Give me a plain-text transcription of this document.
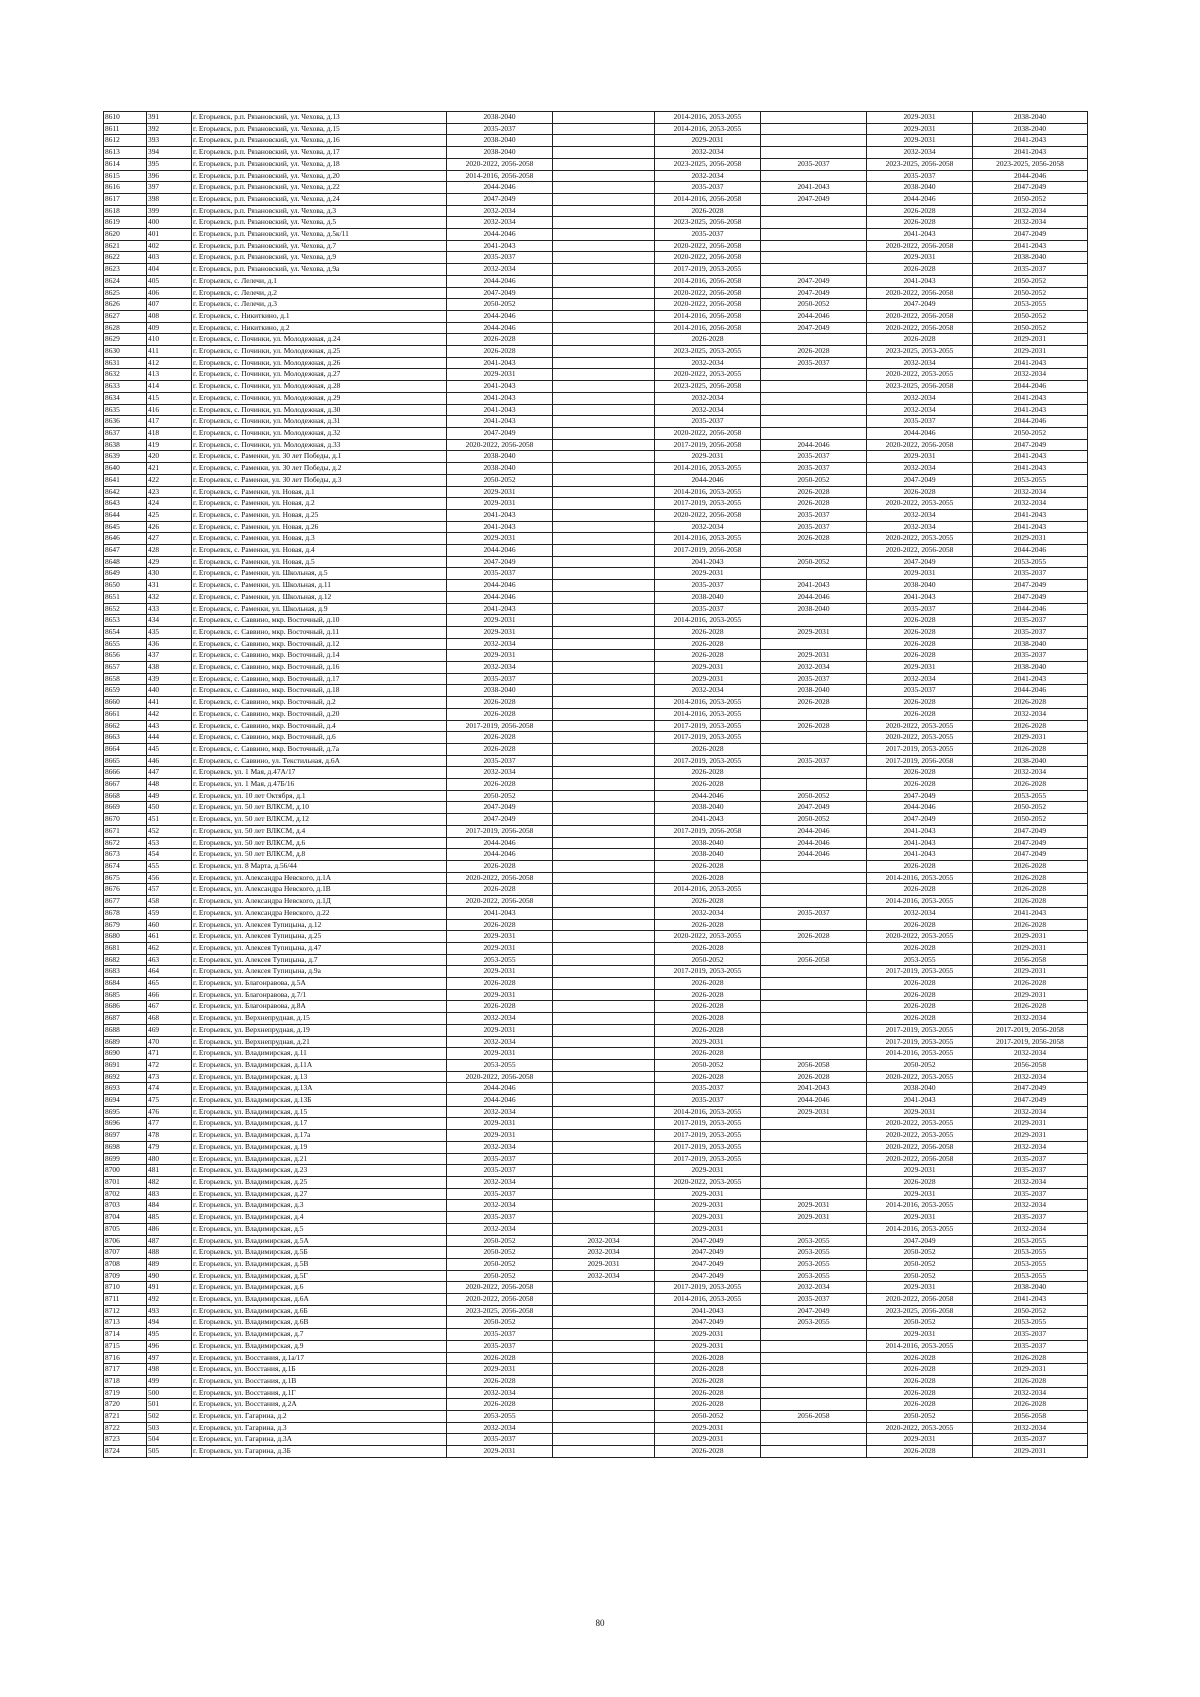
8610	391	г. Егорьевск, р.п. Рязановский, ул. Чехова, д.13	2038-2040		2014-2016, 2053-2055		2029-2031	2038-2040
8611	392	г. Егорьевск, р.п. Рязановский, ул. Чехова, д.15	2035-2037		2014-2016, 2053-2055		2029-2031	2038-2040
8612	393	г. Егорьевск, р.п. Рязановский, ул. Чехова, д.16	2038-2040		2029-2031		2029-2031	2041-2043
8613	394	г. Егорьевск, р.п. Рязановский, ул. Чехова, д.17	2038-2040		2032-2034		2032-2034	2041-2043
8614	395	г. Егорьевск, р.п. Рязановский, ул. Чехова, д.18	2020-2022, 2056-2058		2023-2025, 2056-2058	2035-2037	2023-2025, 2056-2058	2023-2025, 2056-2058
8615	396	г. Егорьевск, р.п. Рязановский, ул. Чехова, д.20	2014-2016, 2056-2058		2032-2034		2035-2037	2044-2046
8616	397	г. Егорьевск, р.п. Рязановский, ул. Чехова, д.22	2044-2046		2035-2037	2041-2043	2038-2040	2047-2049
8617	398	г. Егорьевск, р.п. Рязановский, ул. Чехова, д.24	2047-2049		2014-2016, 2056-2058	2047-2049	2044-2046	2050-2052
8618	399	г. Егорьевск, р.п. Рязановский, ул. Чехова, д.3	2032-2034		2026-2028		2026-2028	2032-2034
8619	400	г. Егорьевск, р.п. Рязановский, ул. Чехова, д.5	2032-2034		2023-2025, 2056-2058		2026-2028	2032-2034
8620	401	г. Егорьевск, р.п. Рязановский, ул. Чехова, д.5к/11	2044-2046		2035-2037		2041-2043	2047-2049
8621	402	г. Егорьевск, р.п. Рязановский, ул. Чехова, д.7	2041-2043		2020-2022, 2056-2058		2020-2022, 2056-2058	2041-2043
8622	403	г. Егорьевск, р.п. Рязановский, ул. Чехова, д.9	2035-2037		2020-2022, 2056-2058		2029-2031	2038-2040
8623	404	г. Егорьевск, р.п. Рязановский, ул. Чехова, д.9а	2032-2034		2017-2019, 2053-2055		2026-2028	2035-2037
8624	405	г. Егорьевск, с. Лелечи, д.1	2044-2046		2014-2016, 2056-2058	2047-2049	2041-2043	2050-2052
8625	406	г. Егорьевск, с. Лелечи, д.2	2047-2049		2020-2022, 2056-2058	2047-2049	2020-2022, 2056-2058	2050-2052
8626	407	г. Егорьевск, с. Лелечи, д.3	2050-2052		2020-2022, 2056-2058	2050-2052	2047-2049	2053-2055
8627	408	г. Егорьевск, с. Никиткино, д.1	2044-2046		2014-2016, 2056-2058	2044-2046	2020-2022, 2056-2058	2050-2052
8628	409	г. Егорьевск, с. Никиткино, д.2	2044-2046		2014-2016, 2056-2058	2047-2049	2020-2022, 2056-2058	2050-2052
8629	410	г. Егорьевск, с. Починки, ул. Молодежная, д.24	2026-2028		2026-2028		2026-2028	2029-2031
8630	411	г. Егорьевск, с. Починки, ул. Молодежная, д.25	2026-2028		2023-2025, 2053-2055	2026-2028	2023-2025, 2053-2055	2029-2031
8631	412	г. Егорьевск, с. Починки, ул. Молодежная, д.26	2041-2043		2032-2034	2035-2037	2032-2034	2041-2043
8632	413	г. Егорьевск, с. Починки, ул. Молодежная, д.27	2029-2031		2020-2022, 2053-2055		2020-2022, 2053-2055	2032-2034
8633	414	г. Егорьевск, с. Починки, ул. Молодежная, д.28	2041-2043		2023-2025, 2056-2058		2023-2025, 2056-2058	2044-2046
8634	415	г. Егорьевск, с. Починки, ул. Молодежная, д.29	2041-2043		2032-2034		2032-2034	2041-2043
8635	416	г. Егорьевск, с. Починки, ул. Молодежная, д.30	2041-2043		2032-2034		2032-2034	2041-2043
8636	417	г. Егорьевск, с. Починки, ул. Молодежная, д.31	2041-2043		2035-2037		2035-2037	2044-2046
8637	418	г. Егорьевск, с. Починки, ул. Молодежная, д.32	2047-2049		2020-2022, 2056-2058		2044-2046	2050-2052
8638	419	г. Егорьевск, с. Починки, ул. Молодежная, д.33	2020-2022, 2056-2058		2017-2019, 2056-2058	2044-2046	2020-2022, 2056-2058	2047-2049
8639	420	г. Егорьевск, с. Раменки, ул. 30 лет Победы, д.1	2038-2040		2029-2031	2035-2037	2029-2031	2041-2043
8640	421	г. Егорьевск, с. Раменки, ул. 30 лет Победы, д.2	2038-2040		2014-2016, 2053-2055	2035-2037	2032-2034	2041-2043
8641	422	г. Егорьевск, с. Раменки, ул. 30 лет Победы, д.3	2050-2052		2044-2046	2050-2052	2047-2049	2053-2055
8642	423	г. Егорьевск, с. Раменки, ул. Новая, д.1	2029-2031		2014-2016, 2053-2055	2026-2028	2026-2028	2032-2034
8643	424	г. Егорьевск, с. Раменки, ул. Новая, д.2	2029-2031		2017-2019, 2053-2055	2026-2028	2020-2022, 2053-2055	2032-2034
8644	425	г. Егорьевск, с. Раменки, ул. Новая, д.25	2041-2043		2020-2022, 2056-2058	2035-2037	2032-2034	2041-2043
8645	426	г. Егорьевск, с. Раменки, ул. Новая, д.26	2041-2043		2032-2034	2035-2037	2032-2034	2041-2043
8646	427	г. Егорьевск, с. Раменки, ул. Новая, д.3	2029-2031		2014-2016, 2053-2055	2026-2028	2020-2022, 2053-2055	2029-2031
8647	428	г. Егорьевск, с. Раменки, ул. Новая, д.4	2044-2046		2017-2019, 2056-2058		2020-2022, 2056-2058	2044-2046
8648	429	г. Егорьевск, с. Раменки, ул. Новая, д.5	2047-2049		2041-2043	2050-2052	2047-2049	2053-2055
8649	430	г. Егорьевск, с. Раменки, ул. Школьная, д.5	2035-2037		2029-2031		2029-2031	2035-2037
8650	431	г. Егорьевск, с. Раменки, ул. Школьная, д.11	2044-2046		2035-2037	2041-2043	2038-2040	2047-2049
8651	432	г. Егорьевск, с. Раменки, ул. Школьная, д.12	2044-2046		2038-2040	2044-2046	2041-2043	2047-2049
8652	433	г. Егорьевск, с. Раменки, ул. Школьная, д.9	2041-2043		2035-2037	2038-2040	2035-2037	2044-2046
8653	434	г. Егорьевск, с. Саввино, мкр. Восточный, д.10	2029-2031		2014-2016, 2053-2055		2026-2028	2035-2037
8654	435	г. Егорьевск, с. Саввино, мкр. Восточный, д.11	2029-2031		2026-2028	2029-2031	2026-2028	2035-2037
8655	436	г. Егорьевск, с. Саввино, мкр. Восточный, д.12	2032-2034		2026-2028		2026-2028	2038-2040
8656	437	г. Егорьевск, с. Саввино, мкр. Восточный, д.14	2029-2031		2026-2028	2029-2031	2026-2028	2035-2037
8657	438	г. Егорьевск, с. Саввино, мкр. Восточный, д.16	2032-2034		2029-2031	2032-2034	2029-2031	2038-2040
8658	439	г. Егорьевск, с. Саввино, мкр. Восточный, д.17	2035-2037		2029-2031	2035-2037	2032-2034	2041-2043
8659	440	г. Егорьевск, с. Саввино, мкр. Восточный, д.18	2038-2040		2032-2034	2038-2040	2035-2037	2044-2046
8660	441	г. Егорьевск, с. Саввино, мкр. Восточный, д.2	2026-2028		2014-2016, 2053-2055	2026-2028	2026-2028	2026-2028
8661	442	г. Егорьевск, с. Саввино, мкр. Восточный, д.20	2026-2028		2014-2016, 2053-2055		2026-2028	2032-2034
8662	443	г. Егорьевск, с. Саввино, мкр. Восточный, д.4	2017-2019, 2056-2058		2017-2019, 2053-2055	2026-2028	2020-2022, 2053-2055	2026-2028
8663	444	г. Егорьевск, с. Саввино, мкр. Восточный, д.6	2026-2028		2017-2019, 2053-2055		2020-2022, 2053-2055	2029-2031
8664	445	г. Егорьевск, с. Саввино, мкр. Восточный, д.7а	2026-2028		2026-2028		2017-2019, 2053-2055	2026-2028
8665	446	г. Егорьевск, с. Саввино, ул. Текстильная, д.6А	2035-2037		2017-2019, 2053-2055	2035-2037	2017-2019, 2056-2058	2038-2040
8666	447	г. Егорьевск, ул. 1 Мая, д.47А/17	2032-2034		2026-2028		2026-2028	2032-2034
8667	448	г. Егорьевск, ул. 1 Мая, д.47Б/16	2026-2028		2026-2028		2026-2028	2026-2028
8668	449	г. Егорьевск, ул. 10 лет Октября, д.1	2050-2052		2044-2046	2050-2052	2047-2049	2053-2055
8669	450	г. Егорьевск, ул. 50 лет ВЛКСМ, д.10	2047-2049		2038-2040	2047-2049	2044-2046	2050-2052
8670	451	г. Егорьевск, ул. 50 лет ВЛКСМ, д.12	2047-2049		2041-2043	2050-2052	2047-2049	2050-2052
8671	452	г. Егорьевск, ул. 50 лет ВЛКСМ, д.4	2017-2019, 2056-2058		2017-2019, 2056-2058	2044-2046	2041-2043	2047-2049
8672	453	г. Егорьевск, ул. 50 лет ВЛКСМ, д.6	2044-2046		2038-2040	2044-2046	2041-2043	2047-2049
8673	454	г. Егорьевск, ул. 50 лет ВЛКСМ, д.8	2044-2046		2038-2040	2044-2046	2041-2043	2047-2049
8674	455	г. Егорьевск, ул. 8 Марта, д.56/44	2026-2028		2026-2028		2026-2028	2026-2028
8675	456	г. Егорьевск, ул. Александра Невского, д.1А	2020-2022, 2056-2058		2026-2028		2014-2016, 2053-2055	2026-2028
8676	457	г. Егорьевск, ул. Александра Невского, д.1В	2026-2028		2014-2016, 2053-2055		2026-2028	2026-2028
8677	458	г. Егорьевск, ул. Александра Невского, д.1Д	2020-2022, 2056-2058		2026-2028		2014-2016, 2053-2055	2026-2028
8678	459	г. Егорьевск, ул. Александра Невского, д.22	2041-2043		2032-2034	2035-2037	2032-2034	2041-2043
8679	460	г. Егорьевск, ул. Алексея Тупицына, д.12	2026-2028		2026-2028		2026-2028	2026-2028
8680	461	г. Егорьевск, ул. Алексея Тупицына, д.25	2029-2031		2020-2022, 2053-2055	2026-2028	2020-2022, 2053-2055	2029-2031
8681	462	г. Егорьевск, ул. Алексея Тупицына, д.47	2029-2031		2026-2028		2026-2028	2029-2031
8682	463	г. Егорьевск, ул. Алексея Тупицына, д.7	2053-2055		2050-2052	2056-2058	2053-2055	2056-2058
8683	464	г. Егорьевск, ул. Алексея Тупицына, д.9а	2029-2031		2017-2019, 2053-2055		2017-2019, 2053-2055	2029-2031
8684	465	г. Егорьевск, ул. Благонравова, д.5А	2026-2028		2026-2028		2026-2028	2026-2028
8685	466	г. Егорьевск, ул. Благонравова, д.7/1	2029-2031		2026-2028		2026-2028	2029-2031
8686	467	г. Егорьевск, ул. Благонравова, д.8А	2026-2028		2026-2028		2026-2028	2026-2028
8687	468	г. Егорьевск, ул. Верхнепрудная, д.15	2032-2034		2026-2028		2026-2028	2032-2034
8688	469	г. Егорьевск, ул. Верхнепрудная, д.19	2029-2031		2026-2028		2017-2019, 2053-2055	2017-2019, 2056-2058
8689	470	г. Егорьевск, ул. Верхнепрудная, д.21	2032-2034		2029-2031		2017-2019, 2053-2055	2017-2019, 2056-2058
8690	471	г. Егорьевск, ул. Владимирская, д.11	2029-2031		2026-2028		2014-2016, 2053-2055	2032-2034
8691	472	г. Егорьевск, ул. Владимирская, д.11А	2053-2055		2050-2052	2056-2058	2050-2052	2056-2058
8692	473	г. Егорьевск, ул. Владимирская, д.13	2020-2022, 2056-2058		2026-2028	2026-2028	2020-2022, 2053-2055	2032-2034
8693	474	г. Егорьевск, ул. Владимирская, д.13А	2044-2046		2035-2037	2041-2043	2038-2040	2047-2049
8694	475	г. Егорьевск, ул. Владимирская, д.13Б	2044-2046		2035-2037	2044-2046	2041-2043	2047-2049
8695	476	г. Егорьевск, ул. Владимирская, д.15	2032-2034		2014-2016, 2053-2055	2029-2031	2029-2031	2032-2034
8696	477	г. Егорьевск, ул. Владимирская, д.17	2029-2031		2017-2019, 2053-2055		2020-2022, 2053-2055	2029-2031
8697	478	г. Егорьевск, ул. Владимирская, д.17а	2029-2031		2017-2019, 2053-2055		2020-2022, 2053-2055	2029-2031
8698	479	г. Егорьевск, ул. Владимирская, д.19	2032-2034		2017-2019, 2053-2055		2020-2022, 2056-2058	2032-2034
8699	480	г. Егорьевск, ул. Владимирская, д.21	2035-2037		2017-2019, 2053-2055		2020-2022, 2056-2058	2035-2037
8700	481	г. Егорьевск, ул. Владимирская, д.23	2035-2037		2029-2031		2029-2031	2035-2037
8701	482	г. Егорьевск, ул. Владимирская, д.25	2032-2034		2020-2022, 2053-2055		2026-2028	2032-2034
8702	483	г. Егорьевск, ул. Владимирская, д.27	2035-2037		2029-2031		2029-2031	2035-2037
8703	484	г. Егорьевск, ул. Владимирская, д.3	2032-2034		2029-2031	2029-2031	2014-2016, 2053-2055	2032-2034
8704	485	г. Егорьевск, ул. Владимирская, д.4	2035-2037		2029-2031	2029-2031	2029-2031	2035-2037
8705	486	г. Егорьевск, ул. Владимирская, д.5	2032-2034		2029-2031		2014-2016, 2053-2055	2032-2034
8706	487	г. Егорьевск, ул. Владимирская, д.5А	2050-2052	2032-2034	2047-2049	2053-2055	2047-2049	2053-2055
8707	488	г. Егорьевск, ул. Владимирская, д.5Б	2050-2052	2032-2034	2047-2049	2053-2055	2050-2052	2053-2055
8708	489	г. Егорьевск, ул. Владимирская, д.5В	2050-2052	2029-2031	2047-2049	2053-2055	2050-2052	2053-2055
8709	490	г. Егорьевск, ул. Владимирская, д.5Г	2050-2052	2032-2034	2047-2049	2053-2055	2050-2052	2053-2055
8710	491	г. Егорьевск, ул. Владимирская, д.6	2020-2022, 2056-2058		2017-2019, 2053-2055	2032-2034	2029-2031	2038-2040
8711	492	г. Егорьевск, ул. Владимирская, д.6А	2020-2022, 2056-2058		2014-2016, 2053-2055	2035-2037	2020-2022, 2056-2058	2041-2043
8712	493	г. Егорьевск, ул. Владимирская, д.6Б	2023-2025, 2056-2058		2041-2043	2047-2049	2023-2025, 2056-2058	2050-2052
8713	494	г. Егорьевск, ул. Владимирская, д.6В	2050-2052		2047-2049	2053-2055	2050-2052	2053-2055
8714	495	г. Егорьевск, ул. Владимирская, д.7	2035-2037		2029-2031		2029-2031	2035-2037
8715	496	г. Егорьевск, ул. Владимирская, д.9	2035-2037		2029-2031		2014-2016, 2053-2055	2035-2037
8716	497	г. Егорьевск, ул. Восстания, д.1а/17	2026-2028		2026-2028		2026-2028	2026-2028
8717	498	г. Егорьевск, ул. Восстания, д.1Б	2029-2031		2026-2028		2026-2028	2029-2031
8718	499	г. Егорьевск, ул. Восстания, д.1В	2026-2028		2026-2028		2026-2028	2026-2028
8719	500	г. Егорьевск, ул. Восстания, д.1Г	2032-2034		2026-2028		2026-2028	2032-2034
8720	501	г. Егорьевск, ул. Восстания, д.2А	2026-2028		2026-2028		2026-2028	2026-2028
8721	502	г. Егорьевск, ул. Гагарина, д.2	2053-2055		2050-2052	2056-2058	2050-2052	2056-2058
8722	503	г. Егорьевск, ул. Гагарина, д.3	2032-2034		2029-2031		2020-2022, 2053-2055	2032-2034
8723	504	г. Егорьевск, ул. Гагарина, д.3А	2035-2037		2029-2031		2029-2031	2035-2037
8724	505	г. Егорьевск, ул. Гагарина, д.3Б	2029-2031		2026-2028		2026-2028	2029-2031
80
